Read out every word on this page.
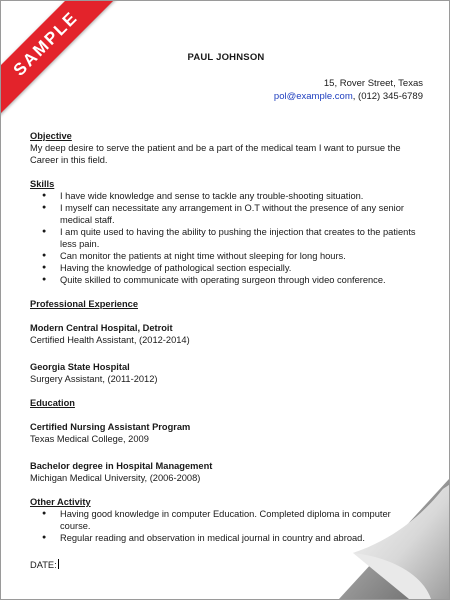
SAMPLE	PAUL JOHNSON
15, Rover Street, Texas
pol@example.com, (012) 345-6789

Objective

My deep desire to serve the patient and be a part of the medical team I want to pursue the Career in this field.

Skills

● I have wide knowledge and sense to tackle any trouble-shooting situation.
● I myself can necessitate any arrangement in O.T without the presence of any senior medical staff.
● I am quite used to having the ability to pushing the injection that creates to the patients less pain.
● Can monitor the patients at night time without sleeping for long hours.
● Having the knowledge of pathological section especially.
● Quite skilled to communicate with operating surgeon through video conference.

Professional Experience

Modern Central Hospital, Detroit

Certified Health Assistant, (2012-2014)

Georgia State Hospital

Surgery Assistant, (2011-2012)

Education

Certified Nursing Assistant Program

Texas Medical College, 2009

Bachelor degree in Hospital Management

Michigan Medical University, (2006-2008)

Other Activity

● Having good knowledge in computer Education. Completed diploma in computer course.
● Regular reading and observation in medical journal in country and abroad.

DATE:
